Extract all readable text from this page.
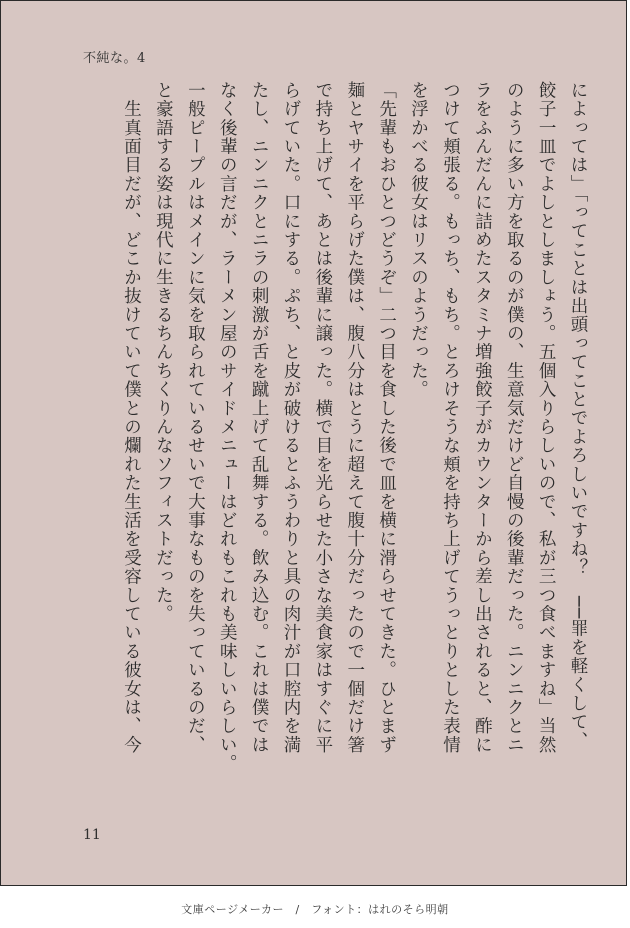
不純な。4
によっては」「ってことは出頭ってことでよろしいですね？　──罪を軽くして、
餃子一皿でよしとしましょう。五個入りらしいので、私が三つ食べますね」当然
のように多い方を取るのが僕の、生意気だけど自慢の後輩だった。ニンニクとニ
ラをふんだんに詰めたスタミナ増強餃子がカウンターから差し出されると、酢に
つけて頬張る。もっち、もち。とろけそうな頬を持ち上げてうっとりとした表情
を浮かべる彼女はリスのようだった。
「先輩もおひとつどうぞ」二つ目を食した後で皿を横に滑らせてきた。ひとまず
麺とヤサイを平らげた僕は、腹八分はとうに超えて腹十分だったので一個だけ箸
で持ち上げて、あとは後輩に譲った。横で目を光らせた小さな美食家はすぐに平
らげていた。口にする。ぷち、と皮が破けるとふうわりと具の肉汁が口腔内を満
たし、ニンニクとニラの刺激が舌を蹴上げて乱舞する。飲み込む。これは僕では
なく後輩の言だが、ラーメン屋のサイドメニューはどれもこれも美味しいらしい。
一般ピープルはメインに気を取られているせいで大事なものを失っているのだ、
と豪語する姿は現代に生きるちんちくりんなソフィストだった。
　生真面目だが、どこか抜けていて僕との爛れた生活を受容している彼女は、今
11
文庫ページメーカー　/　フォント：はれのそら明朝
